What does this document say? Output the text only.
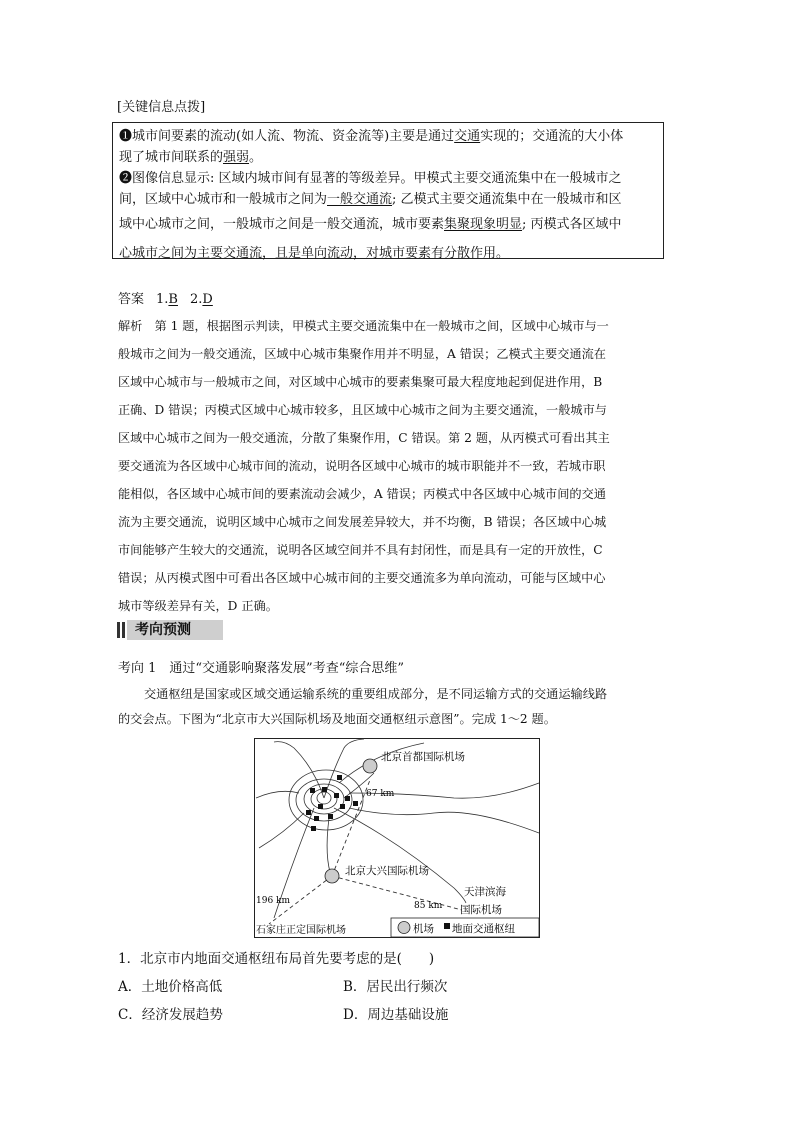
[关键信息点拨]
❶城市间要素的流动(如人流、物流、资金流等)主要是通过交通实现的；交通流的大小体
现了城市间联系的强弱。
❷图像信息显示: 区域内城市间有显著的等级差异。甲模式主要交通流集中在一般城市之
间，区域中心城市和一般城市之间为一般交通流; 乙模式主要交通流集中在一般城市和区
域中心城市之间，一般城市之间是一般交通流，城市要素集聚现象明显; 丙模式各区域中
心城市之间为主要交通流，且是单向流动，对城市要素有分散作用。
答案 1.B 2.D
解析　第 1 题，根据图示判读，甲模式主要交通流集中在一般城市之间，区域中心城市与一
般城市之间为一般交通流，区域中心城市集聚作用并不明显，A 错误；乙模式主要交通流在
区域中心城市与一般城市之间，对区域中心城市的要素集聚可最大程度地起到促进作用，B
正确、D 错误；丙模式区域中心城市较多，且区域中心城市之间为主要交通流，一般城市与
区域中心城市之间为一般交通流，分散了集聚作用，C 错误。第 2 题，从丙模式可看出其主
要交通流为各区域中心城市间的流动，说明各区域中心城市的城市职能并不一致，若城市职
能相似，各区域中心城市间的要素流动会减少，A 错误；丙模式中各区域中心城市间的交通
流为主要交通流，说明区域中心城市之间发展差异较大，并不均衡，B 错误；各区域中心城
市间能够产生较大的交通流，说明各区域空间并不具有封闭性，而是具有一定的开放性，C
错误；从丙模式图中可看出各区域中心城市间的主要交通流多为单向流动，可能与区域中心
城市等级差异有关，D 正确。
考向预测
考向 1　通过“交通影响聚落发展”考查“综合思维”
交通枢纽是国家或区域交通运输系统的重要组成部分，是不同运输方式的交通运输线路
的交会点。下图为“北京市大兴国际机场及地面交通枢纽示意图”。完成 1～2 题。
北京首都国际机场
67 km
北京大兴国际机场
天津滨海
国际机场
196 km	85 km
石家庄正定国际机场	机场 地面交通枢纽
1．北京市内地面交通枢纽布局首先要考虑的是(　　)
A．土地价格高低	B．居民出行频次
C．经济发展趋势	D．周边基础设施
